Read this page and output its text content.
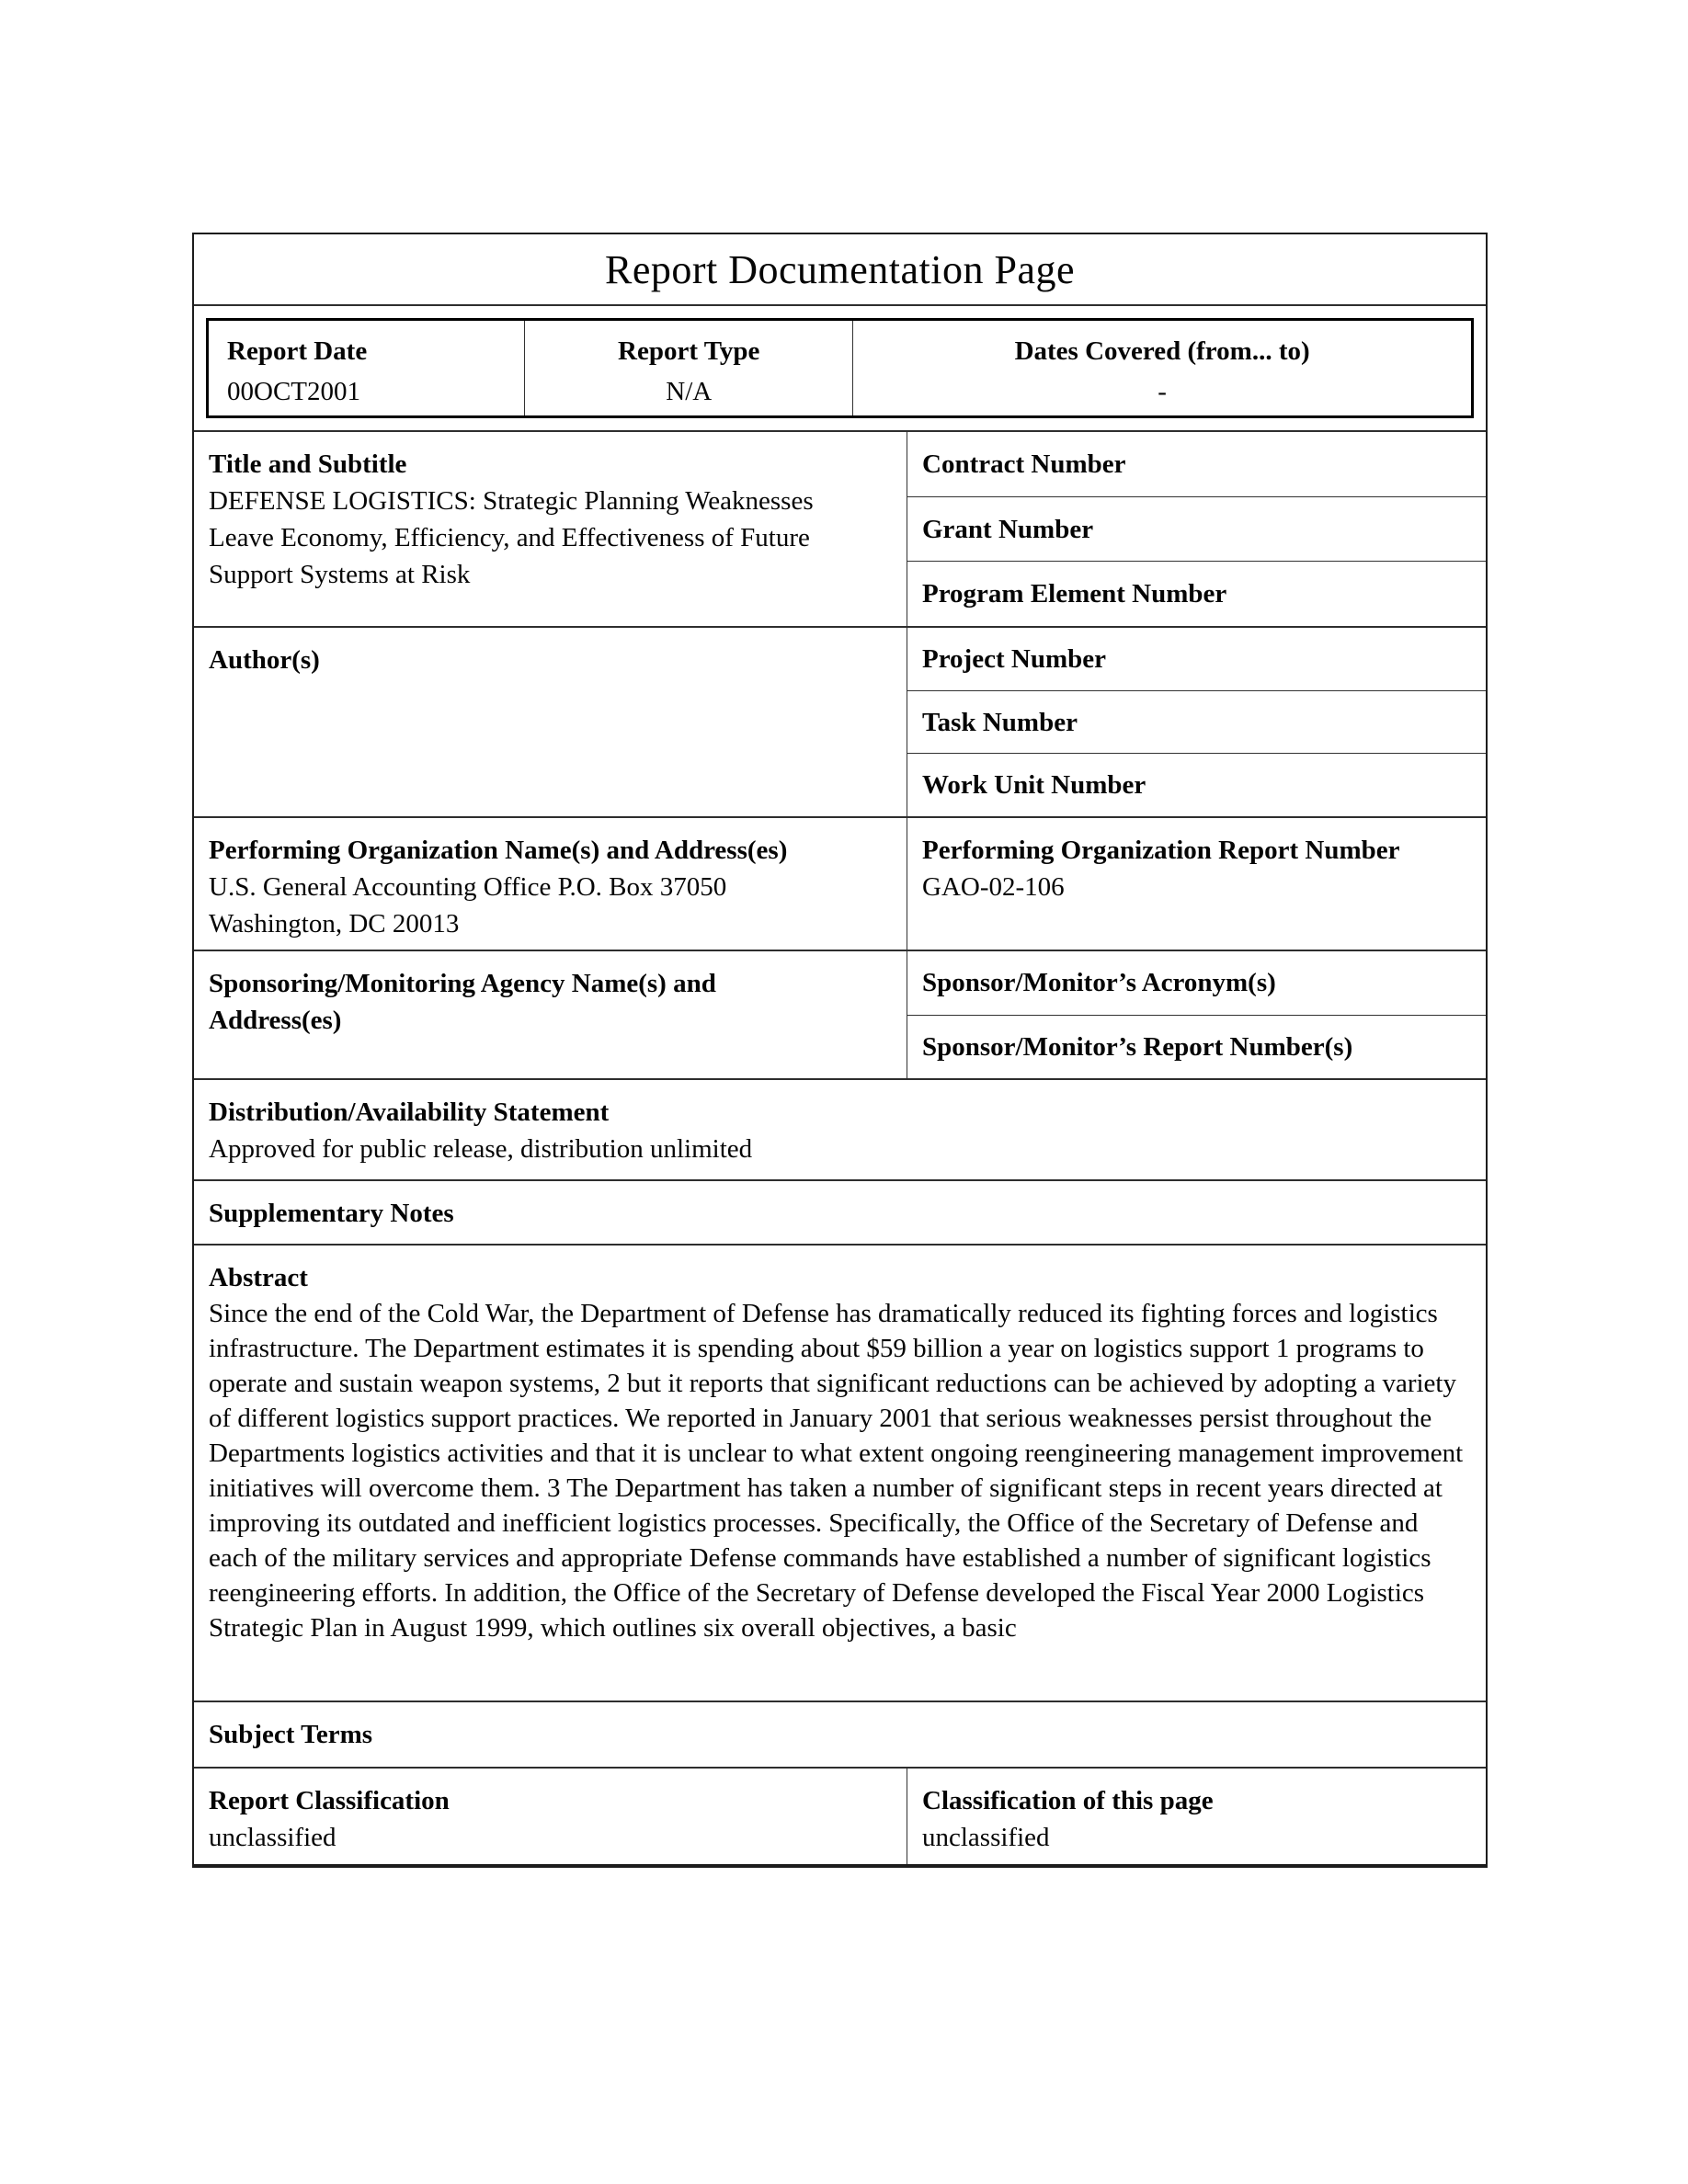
Report Documentation Page
Report Date
00OCT2001
Report Type
N/A
Dates Covered (from... to)
-
Title and Subtitle
DEFENSE LOGISTICS: Strategic Planning Weaknesses
Leave Economy, Efficiency, and Effectiveness of Future
Support Systems at Risk
Contract Number
Grant Number
Program Element Number
Author(s)	Project Number
Task Number
Work Unit Number
Performing Organization Name(s) and Address(es)
U.S. General Accounting Office P.O. Box 37050
Washington, DC 20013
Performing Organization Report Number
GAO-02-106
Sponsoring/Monitoring Agency Name(s) and
Address(es)
Sponsor/Monitor’s Acronym(s)
Sponsor/Monitor’s Report Number(s)
Distribution/Availability Statement
Approved for public release, distribution unlimited
Supplementary Notes
Abstract
Since the end of the Cold War, the Department of Defense has dramatically reduced its fighting forces and logistics infrastructure. The Department estimates it is spending about $59 billion a year on logistics support 1 programs to operate and sustain weapon systems, 2 but it reports that significant reductions can be achieved by adopting a variety of different logistics support practices. We reported in January 2001 that serious weaknesses persist throughout the Departments logistics activities and that it is unclear to what extent ongoing reengineering management improvement initiatives will overcome them. 3 The Department has taken a number of significant steps in recent years directed at improving its outdated and inefficient logistics processes. Specifically, the Office of the Secretary of Defense and each of the military services and appropriate Defense commands have established a number of significant logistics reengineering efforts. In addition, the Office of the Secretary of Defense developed the Fiscal Year 2000 Logistics Strategic Plan in August 1999, which outlines six overall objectives, a basic
Subject Terms
Report Classification
unclassified
Classification of this page
unclassified
